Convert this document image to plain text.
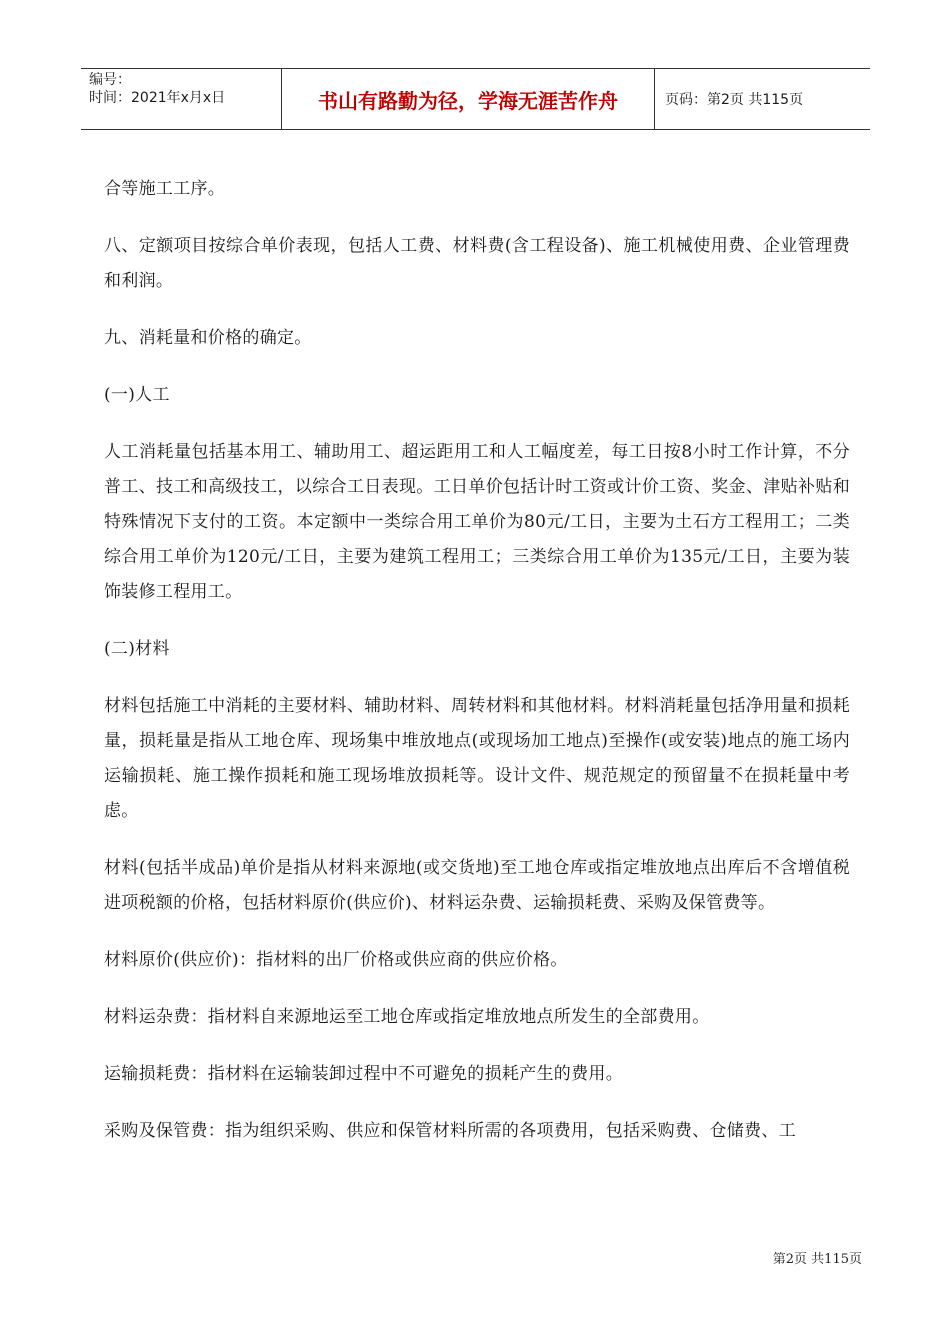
编号：
时间：2021年x月x日	书山有路勤为径，学海无涯苦作舟	页码：第2页 共115页

合等施工工序。

八、定额项目按综合单价表现，包括人工费、材料费(含工程设备)、施工机械使用费、企业管理费和利润。

九、消耗量和价格的确定。

(一)人工

人工消耗量包括基本用工、辅助用工、超运距用工和人工幅度差，每工日按8小时工作计算，不分普工、技工和高级技工，以综合工日表现。工日单价包括计时工资或计价工资、奖金、津贴补贴和特殊情况下支付的工资。本定额中一类综合用工单价为80元/工日，主要为土石方工程用工；二类综合用工单价为120元/工日，主要为建筑工程用工；三类综合用工单价为135元/工日，主要为装饰装修工程用工。

(二)材料

材料包括施工中消耗的主要材料、辅助材料、周转材料和其他材料。材料消耗量包括净用量和损耗量，损耗量是指从工地仓库、现场集中堆放地点(或现场加工地点)至操作(或安装)地点的施工场内运输损耗、施工操作损耗和施工现场堆放损耗等。设计文件、规范规定的预留量不在损耗量中考虑。

材料(包括半成品)单价是指从材料来源地(或交货地)至工地仓库或指定堆放地点出库后不含增值税进项税额的价格，包括材料原价(供应价)、材料运杂费、运输损耗费、采购及保管费等。

材料原价(供应价)：指材料的出厂价格或供应商的供应价格。

材料运杂费：指材料自来源地运至工地仓库或指定堆放地点所发生的全部费用。

运输损耗费：指材料在运输装卸过程中不可避免的损耗产生的费用。

采购及保管费：指为组织采购、供应和保管材料所需的各项费用，包括采购费、仓储费、工

第2页 共115页
